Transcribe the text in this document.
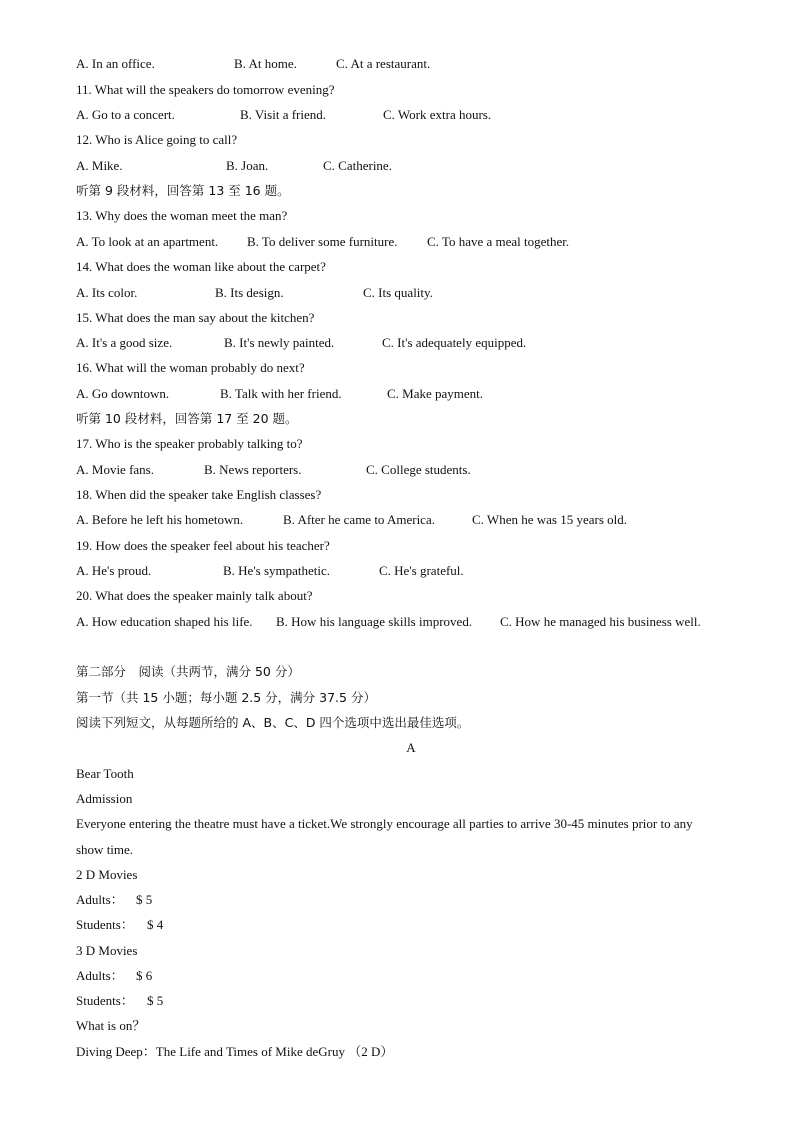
A. In an office.	B. At home.	C. At a restaurant.
11. What will the speakers do tomorrow evening?
A. Go to a concert.	B. Visit a friend.	C. Work extra hours.
12. Who is Alice going to call?
A. Mike.	B. Joan.	C. Catherine.
听第 9 段材料，回答第 13 至 16 题。
13. Why does the woman meet the man?
A. To look at an apartment. B. To deliver some furniture. C. To have a meal together.
14. What does the woman like about the carpet?
A. Its color.	B. Its design.	C. Its quality.
15. What does the man say about the kitchen?
A. It's a good size.	B. It's newly painted.	C. It's adequately equipped.
16. What will the woman probably do next?
A. Go downtown.	B. Talk with her friend.	C. Make payment.
听第 10 段材料，回答第 17 至 20 题。
17. Who is the speaker probably talking to?
A. Movie fans.	B. News reporters.	C. College students.
18. When did the speaker take English classes?
A. Before he left his hometown.	B. After he came to America.	C. When he was 15 years old.
19. How does the speaker feel about his teacher?
A. He's proud.	B. He's sympathetic.	C. He's grateful.
20. What does the speaker mainly talk about?
A. How education shaped his life. B. How his language skills improved. C. How he managed his business well.
第二部分　阅读（共两节，满分 50 分）
第一节（共 15 小题；每小题 2.5 分，满分 37.5 分）
阅读下列短文，从每题所给的 A、B、C、D 四个选项中选出最佳选项。
A
Bear Tooth
Admission
Everyone entering the theatre must have a ticket.We strongly encourage all parties to arrive 30-45 minutes prior to any
show time.
2 D Movies
Adults： $ 5
Students： $ 4
3 D Movies
Adults： $ 6
Students： $ 5
What is on？
Diving Deep：The Life and Times of Mike deGruy （2 D）
